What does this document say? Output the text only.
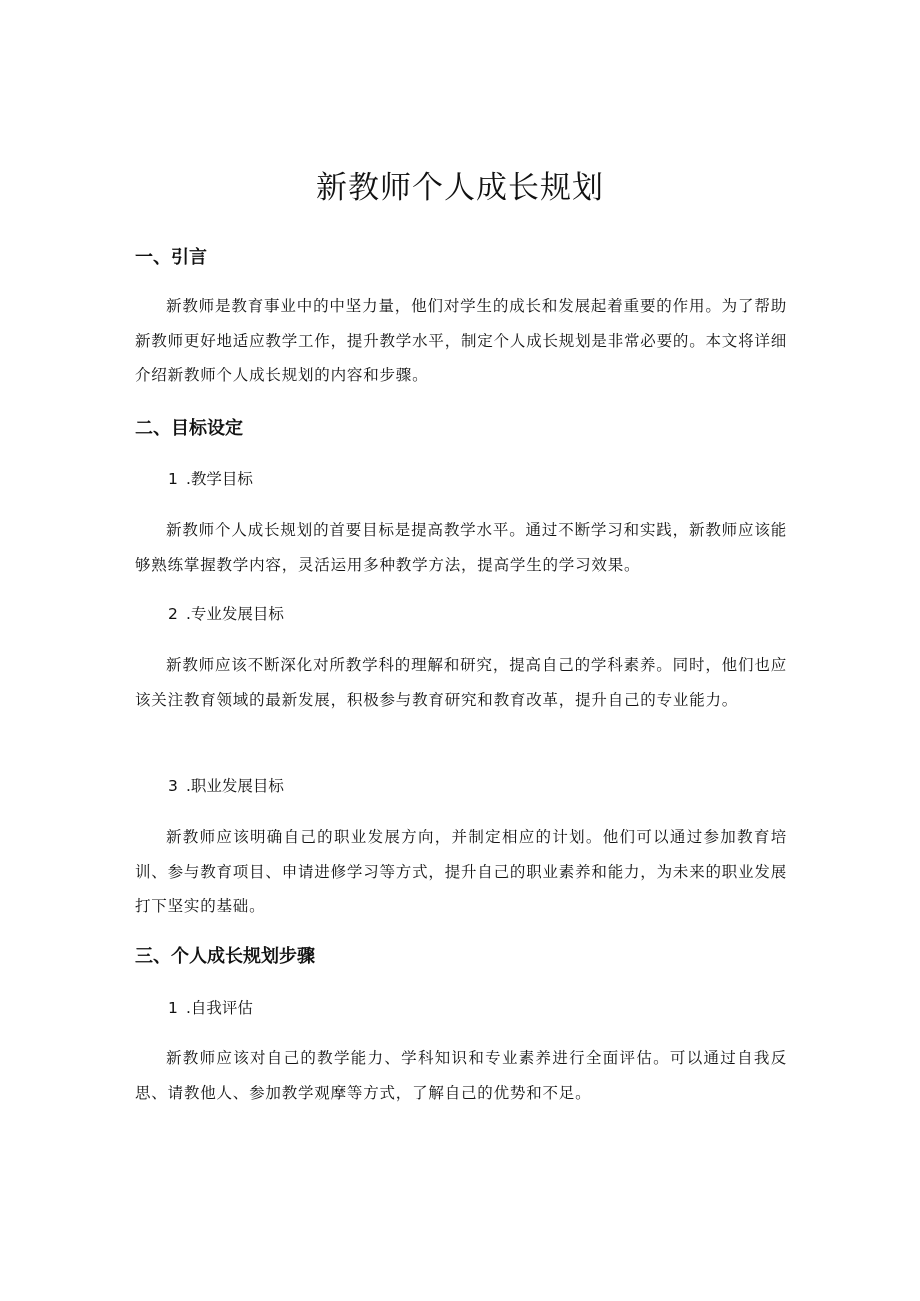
新教师个人成长规划
一、引言

新教师是教育事业中的中坚力量，他们对学生的成长和发展起着重要的作用。为了帮助新教师更好地适应教学工作，提升教学水平，制定个人成长规划是非常必要的。本文将详细介绍新教师个人成长规划的内容和步骤。

二、目标设定
1 .教学目标

新教师个人成长规划的首要目标是提高教学水平。通过不断学习和实践，新教师应该能够熟练掌握教学内容，灵活运用多种教学方法，提高学生的学习效果。

2 .专业发展目标

新教师应该不断深化对所教学科的理解和研究，提高自己的学科素养。同时，他们也应该关注教育领域的最新发展，积极参与教育研究和教育改革，提升自己的专业能力。

3 .职业发展目标

新教师应该明确自己的职业发展方向，并制定相应的计划。他们可以通过参加教育培训、参与教育项目、申请进修学习等方式，提升自己的职业素养和能力，为未来的职业发展打下坚实的基础。

三、个人成长规划步骤
1 .自我评估

新教师应该对自己的教学能力、学科知识和专业素养进行全面评估。可以通过自我反思、请教他人、参加教学观摩等方式，了解自己的优势和不足。
